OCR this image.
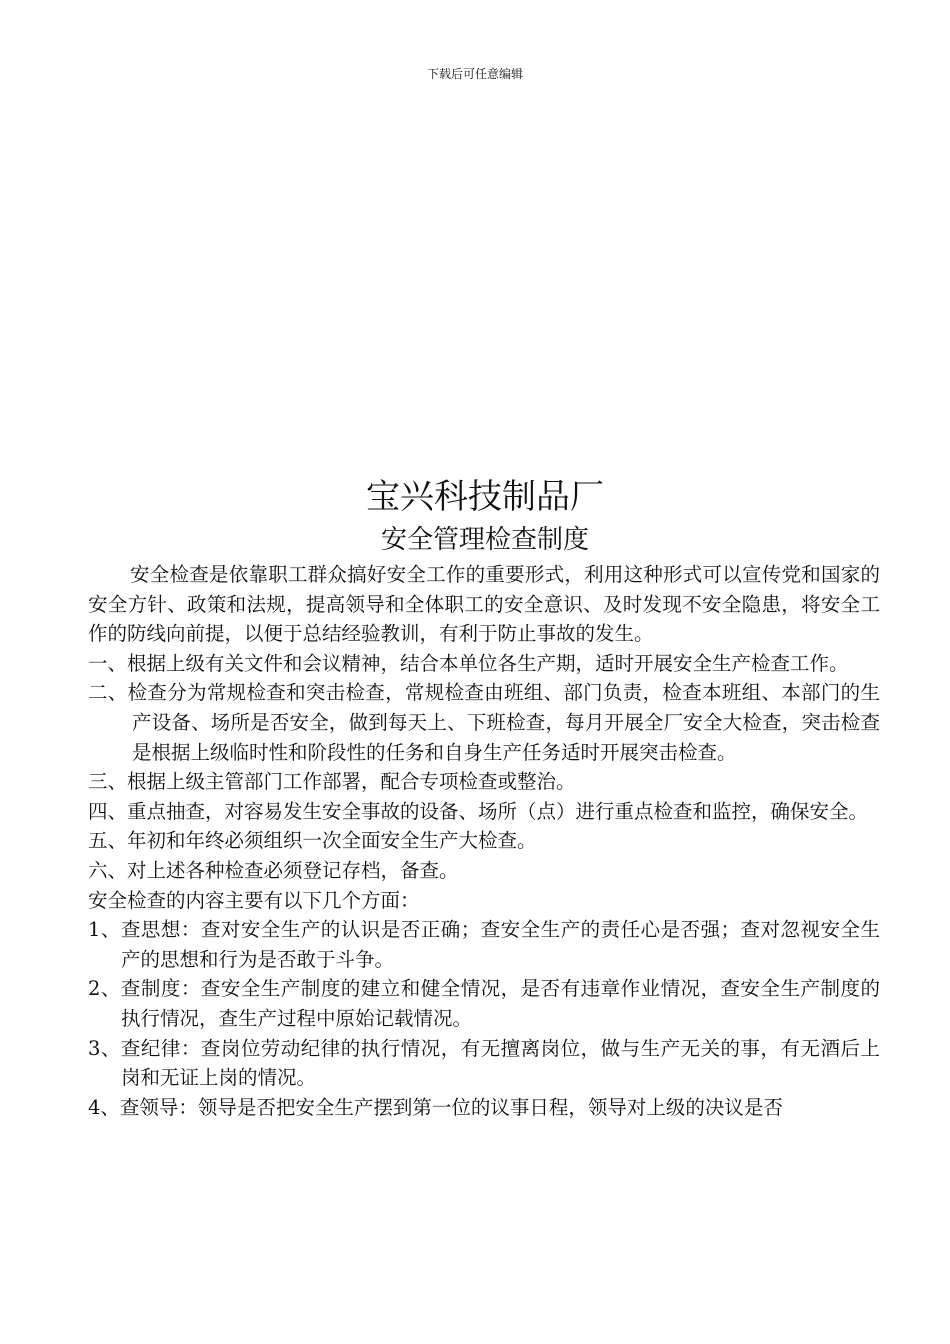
下载后可任意编辑
宝兴科技制品厂
安全管理检查制度

安全检查是依靠职工群众搞好安全工作的重要形式，利用这种形式可以宣传党和国家的安全方针、政策和法规，提高领导和全体职工的安全意识、及时发现不安全隐患，将安全工作的防线向前提，以便于总结经验教训，有利于防止事故的发生。

一、根据上级有关文件和会议精神，结合本单位各生产期，适时开展安全生产检查工作。

二、检查分为常规检查和突击检查，常规检查由班组、部门负责，检查本班组、本部门的生产设备、场所是否安全，做到每天上、下班检查，每月开展全厂安全大检查，突击检查是根据上级临时性和阶段性的任务和自身生产任务适时开展突击检查。

三、根据上级主管部门工作部署，配合专项检查或整治。

四、重点抽查，对容易发生安全事故的设备、场所（点）进行重点检查和监控，确保安全。

五、年初和年终必须组织一次全面安全生产大检查。

六、对上述各种检查必须登记存档，备查。

安全检查的内容主要有以下几个方面：

1、查思想：查对安全生产的认识是否正确；查安全生产的责任心是否强；查对忽视安全生产的思想和行为是否敢于斗争。

2、查制度：查安全生产制度的建立和健全情况，是否有违章作业情况，查安全生产制度的执行情况，查生产过程中原始记载情况。

3、查纪律：查岗位劳动纪律的执行情况，有无擅离岗位，做与生产无关的事，有无酒后上岗和无证上岗的情况。

4、查领导：领导是否把安全生产摆到第一位的议事日程，领导对上级的决议是否
